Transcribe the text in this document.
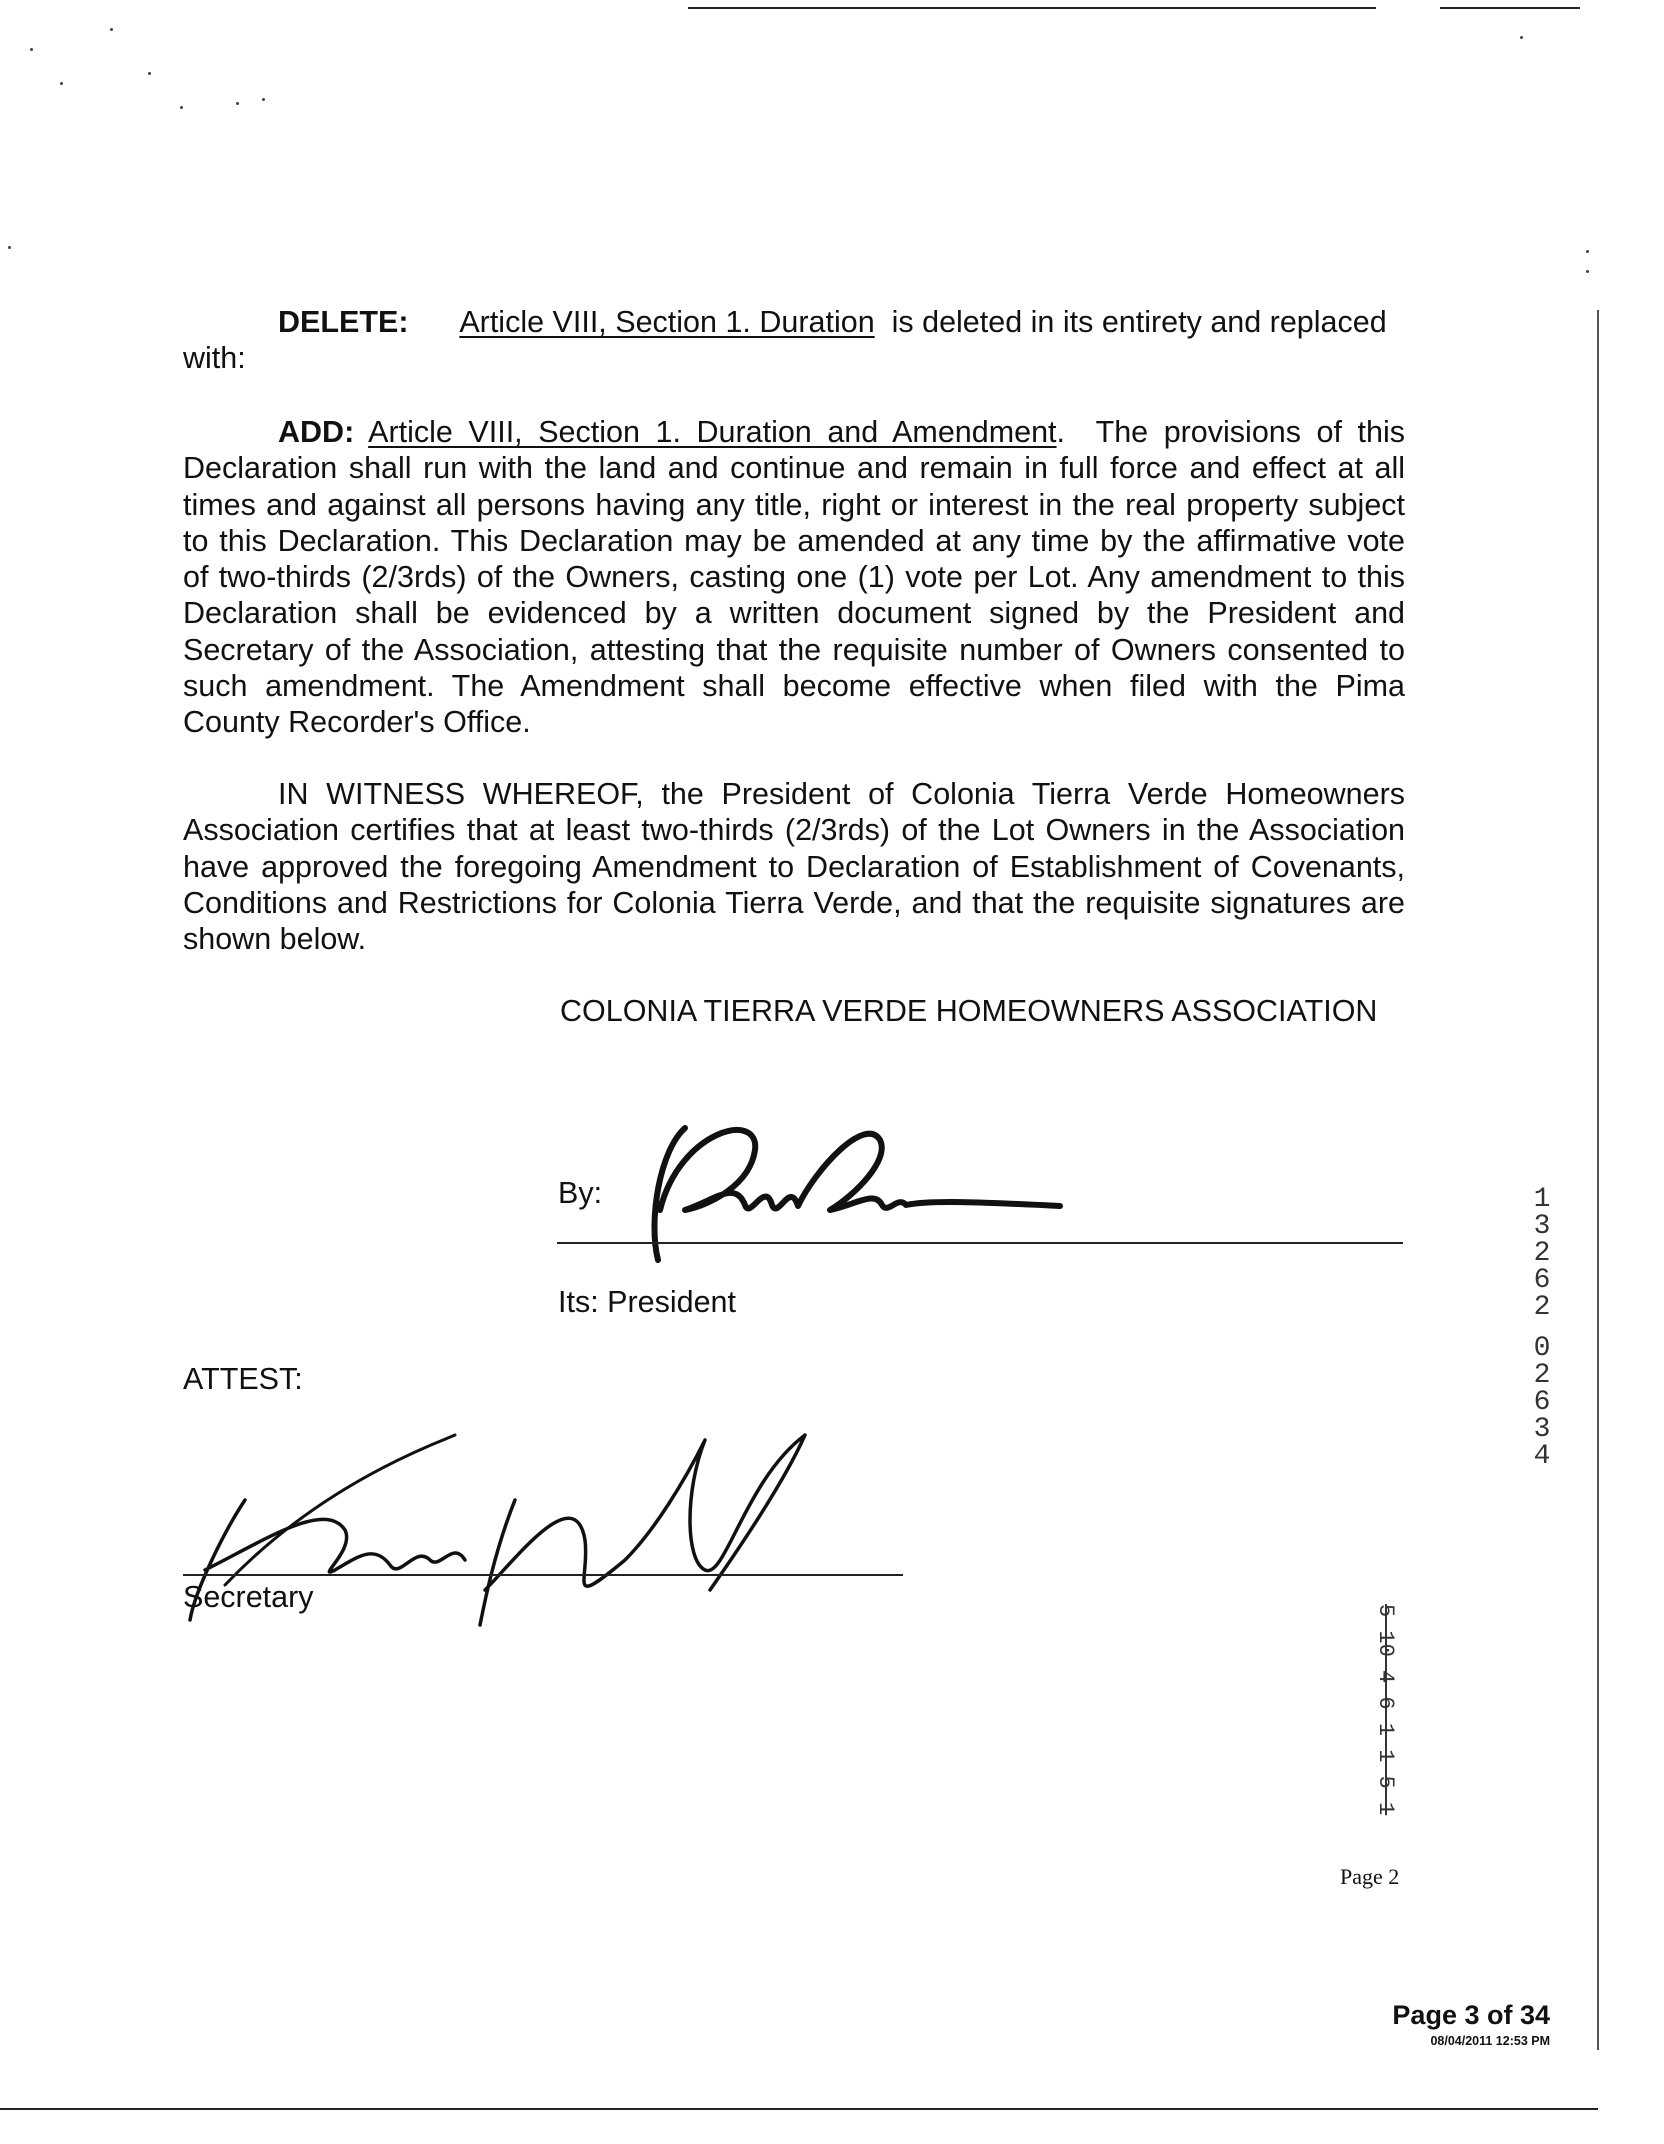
DELETE: Article VIII, Section 1. Duration is deleted in its entirety and replaced
with:
ADD: Article VIII, Section 1. Duration and Amendment.  The provisions of this Declaration shall run with the land and continue and remain in full force and effect at all times and against all persons having any title, right or interest in the real property subject to this Declaration. This Declaration may be amended at any time by the affirmative vote of two-thirds (2/3rds) of the Owners, casting one (1) vote per Lot. Any amendment to this Declaration shall be evidenced by a written document signed by the President and Secretary of the Association, attesting that the requisite number of Owners consented to such amendment. The Amendment shall become effective when filed with the Pima County Recorder's Office.
IN WITNESS WHEREOF, the President of Colonia Tierra Verde Homeowners Association certifies that at least two-thirds (2/3rds) of the Lot Owners in the Association have approved the foregoing Amendment to Declaration of Establishment of Covenants, Conditions and Restrictions for Colonia Tierra Verde, and that the requisite signatures are shown below.
COLONIA TIERRA VERDE HOMEOWNERS ASSOCIATION
By:
Its: President
ATTEST:
Secretary
1
3
2
6
2
0
2
6
3
4
5-10-4-6-1-1-5-1
Page 2
Page 3 of 34
08/04/2011 12:53 PM
